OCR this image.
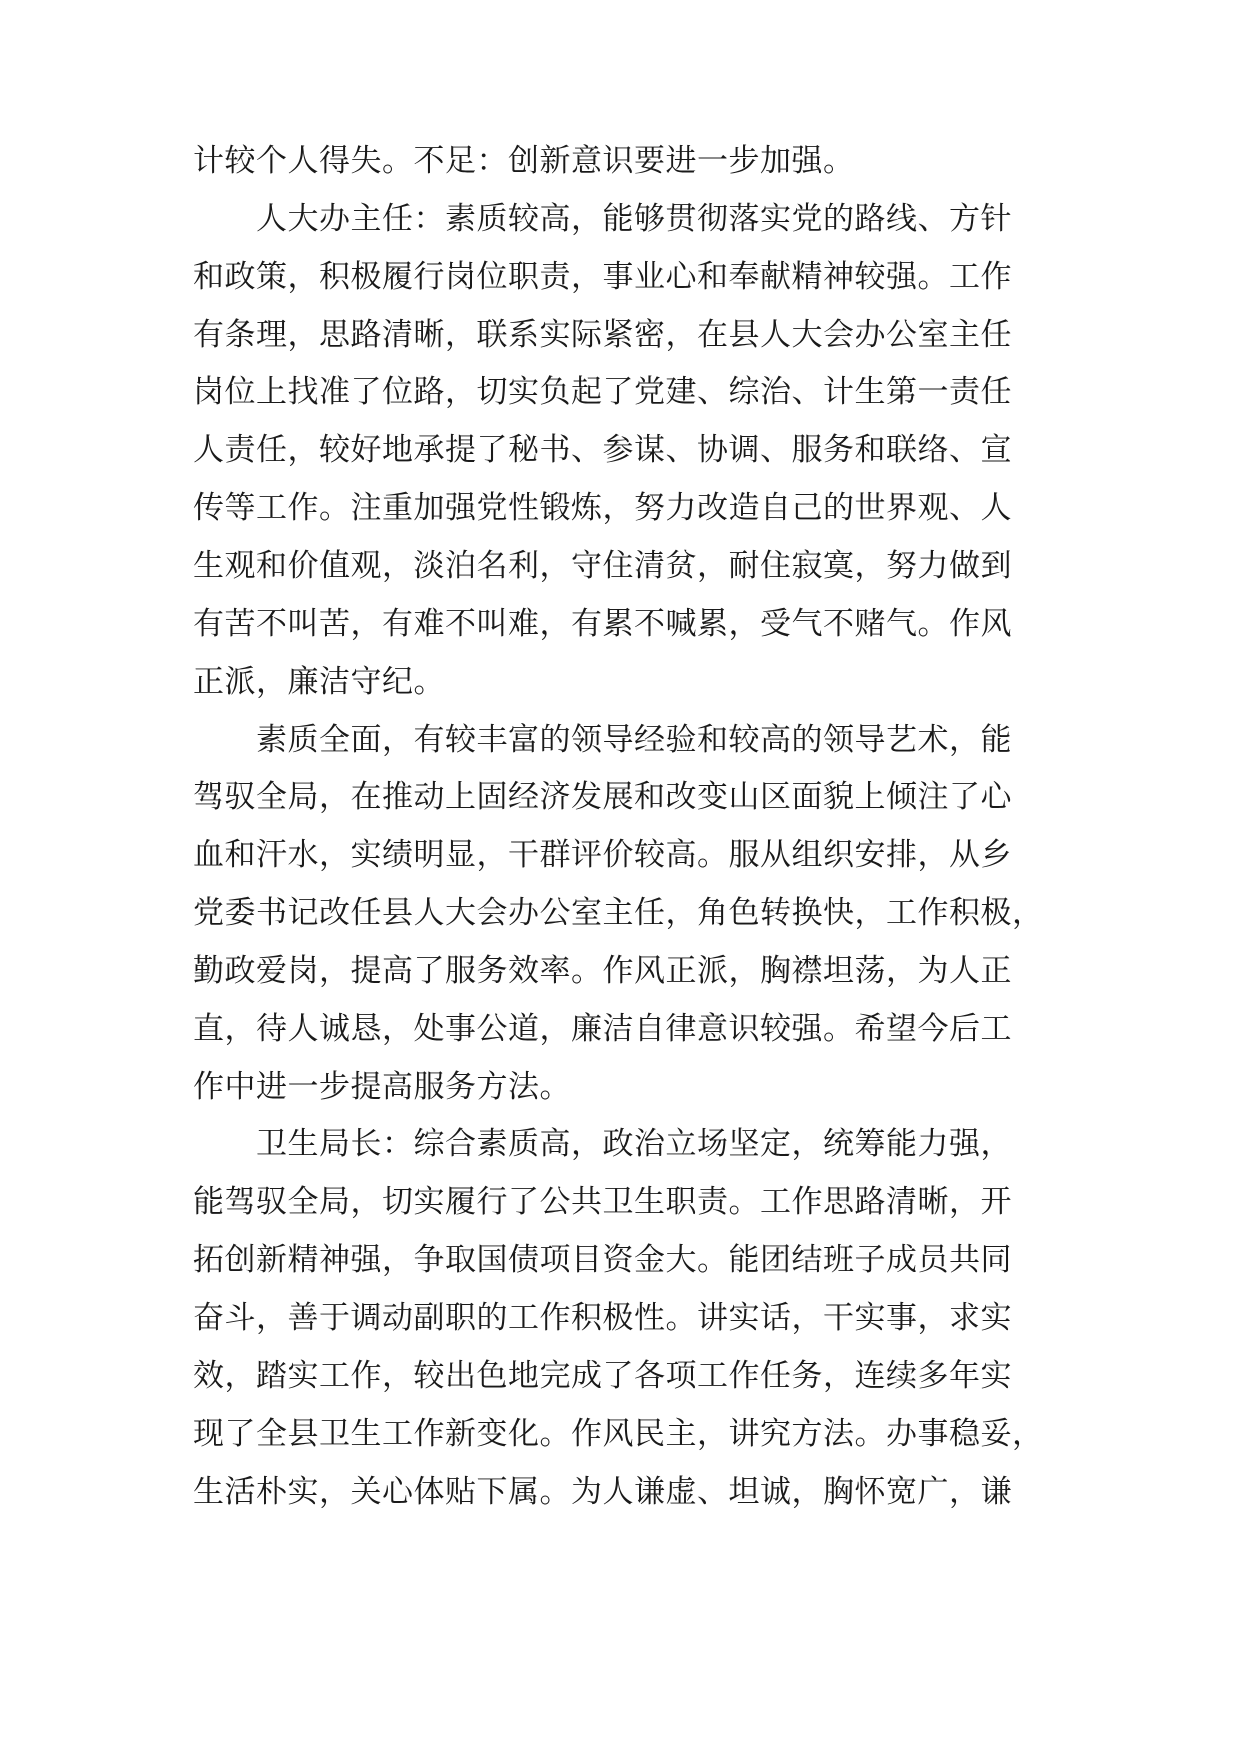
计较个人得失。不足：创新意识要进一步加强。
人大办主任：素质较高，能够贯彻落实党的路线、方针
和政策，积极履行岗位职责，事业心和奉献精神较强。工作
有条理，思路清晰，联系实际紧密，在县人大会办公室主任
岗位上找准了位路，切实负起了党建、综治、计生第一责任
人责任，较好地承提了秘书、参谋、协调、服务和联络、宣
传等工作。注重加强党性锻炼，努力改造自己的世界观、人
生观和价值观，淡泊名利，守住清贫，耐住寂寞，努力做到
有苦不叫苦，有难不叫难，有累不喊累，受气不赌气。作风
正派，廉洁守纪。
素质全面，有较丰富的领导经验和较高的领导艺术，能
驾驭全局，在推动上固经济发展和改变山区面貌上倾注了心
血和汗水，实绩明显，干群评价较高。服从组织安排，从乡
党委书记改任县人大会办公室主任，角色转换快，工作积极，
勤政爱岗，提高了服务效率。作风正派，胸襟坦荡，为人正
直，待人诚恳，处事公道，廉洁自律意识较强。希望今后工
作中进一步提高服务方法。
卫生局长：综合素质高，政治立场坚定，统筹能力强，
能驾驭全局，切实履行了公共卫生职责。工作思路清晰，开
拓创新精神强，争取国债项目资金大。能团结班子成员共同
奋斗，善于调动副职的工作积极性。讲实话，干实事，求实
效，踏实工作，较出色地完成了各项工作任务，连续多年实
现了全县卫生工作新变化。作风民主，讲究方法。办事稳妥，
生活朴实，关心体贴下属。为人谦虚、坦诚，胸怀宽广，谦
